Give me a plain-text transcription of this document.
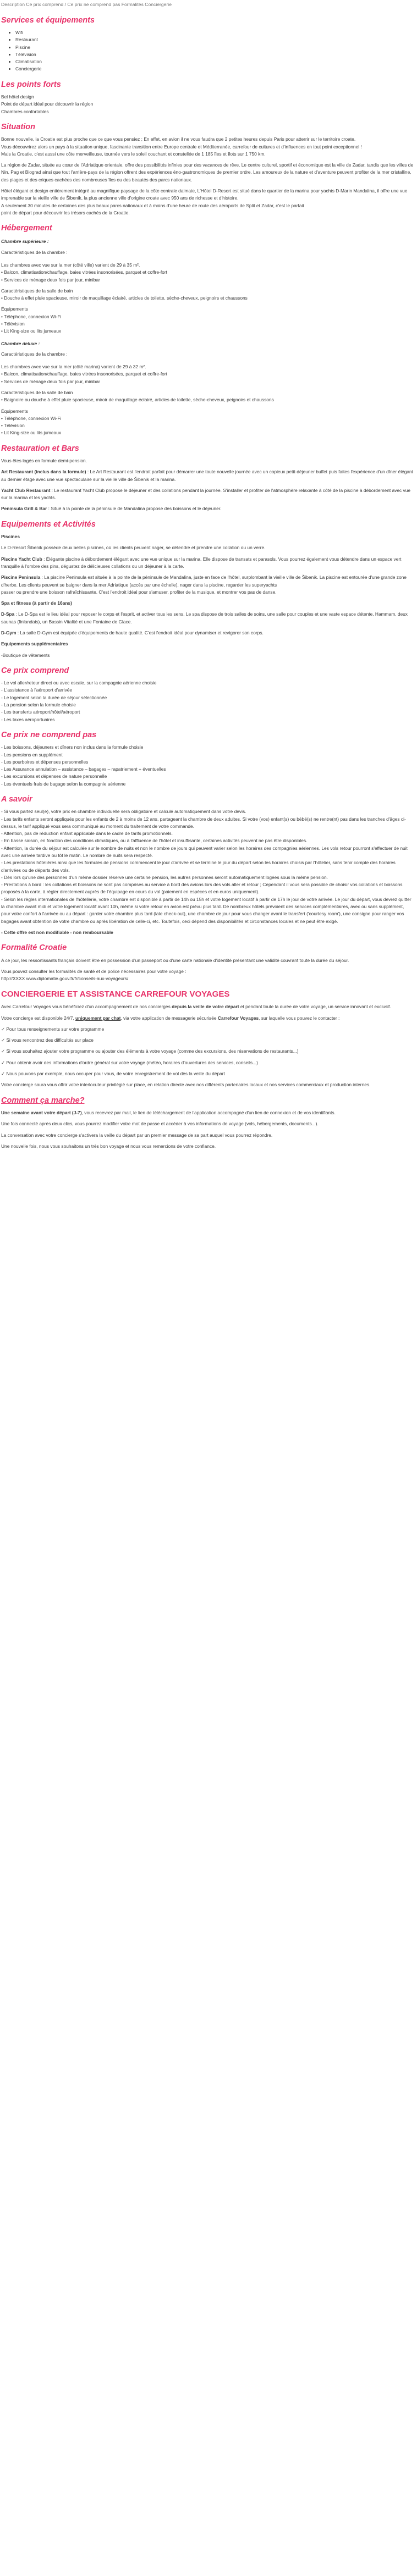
Description Ce prix comprend / Ce prix ne comprend pas Formalités Conciergerie
Services et équipements
• Wifi
• Restaurant
• Piscine
• Télévision
• Climatisation
• Conciergerie
Les points forts
Bel hôtel design
Point de départ idéal pour découvrir la région
Chambres confortables
Situation
Bonne nouvelle, la Croatie est plus proche que ce que vous pensiez ; En effet, en avion il ne vous faudra que 2 petites heures depuis Paris pour atterrir sur le territoire croate.
Vous découvrirez alors un pays à la situation unique, fascinante transition entre Europe centrale et Méditerranée, carrefour de cultures et d'influences en tout point exceptionnel !
Mais la Croatie, c'est aussi une côte merveilleuse, tournée vers le soleil couchant et constellée de 1 185 îles et îlots sur 1 750 km.

La région de Zadar, située au cœur de l'Adriatique orientale, offre des possibilités infinies pour des vacances de rêve. Le centre culturel, sportif et économique est la ville de Zadar, tandis que les villes de Nin, Pag et Biograd ainsi que tout l'arrière-pays de la région offrent des expériences éno-gastronomiques de premier ordre. Les amoureux de la nature et d'aventure peuvent profiter de la mer cristalline, des plages et des criques cachées des nombreuses îles ou des beautés des parcs nationaux.

Hôtel élégant et design entièrement intégré au magnifique paysage de la côte centrale dalmate, L'Hôtel D-Resort est situé dans le quartier de la marina pour yachts D-Marin Mandalina, il offre une vue imprenable sur la vieille ville de Šibenik, la plus ancienne ville d'origine croate avec 950 ans de richesse et d'histoire.
A seulement 30 minutes de certaines des plus beaux parcs nationaux et à moins d'une heure de route des aéroports de Split et Zadar, c'est le parfait
point de départ pour découvrir les trésors cachés de la Croatie.
Hébergement
Chambre supérieure :
Caractéristiques de la chambre :
Les chambres avec vue sur la mer (côté ville) varient de 29 à 35 m².
• Balcon, climatisation/chauffage, baies vitrées insonorisées, parquet et coffre-fort
• Services de ménage deux fois par jour, minibar
Caractéristiques de la salle de bain
• Douche à effet pluie spacieuse, miroir de maquillage éclairé, articles de toilette, sèche-cheveux, peignoirs et chaussons
Équipements
• Téléphone, connexion Wi-Fi
• Télévision
• Lit King-size ou lits jumeaux
Chambre deluxe :
Caractéristiques de la chambre :
Les chambres avec vue sur la mer (côté marina) varient de 29 à 32 m².
• Balcon, climatisation/chauffage, baies vitrées insonorisées, parquet et coffre-fort
• Services de ménage deux fois par jour, minibar
Caractéristiques de la salle de bain
• Baignoire ou douche à effet pluie spacieuse, miroir de maquillage éclairé, articles de toilette, sèche-cheveux, peignoirs et chaussons
Équipements
• Téléphone, connexion Wi-Fi
• Télévision
• Lit King-size ou lits jumeaux
Restauration et Bars

Vous êtes logés en formule demi-pension.

Art Restaurant (inclus dans la formule) : Le Art Restaurant est l'endroit parfait pour démarrer une toute nouvelle journée avec un copieux petit-déjeuner buffet puis faites l'expérience d'un dîner élégant au dernier étage avec une vue spectaculaire sur la vieille ville de Šibenik et la marina.

Yacht Club Restaurant : Le restaurant Yacht Club propose le déjeuner et des collations pendant la journée. S'installer et profiter de l'atmosphère relaxante à côté de la piscine à débordement avec vue sur la marina et les yachts.

Peninsula Grill & Bar : Situé à la pointe de la péninsule de Mandalina propose des boissons et le déjeuner.

Equipements et Activités

Piscines

Le D-Resort Šibenik possède deux belles piscines, où les clients peuvent nager, se détendre et prendre une collation ou un verre.

Piscine Yacht Club : Élégante piscine à débordement élégant avec une vue unique sur la marina. Elle dispose de transats et parasols. Vous pourrez également vous détendre dans un espace vert tranquille à l'ombre des pins, dégustez de délicieuses collations ou un déjeuner à la carte.

Piscine Peninsula : La piscine Peninsula est située à la pointe de la péninsule de Mandalina, juste en face de l'hôtel, surplombant la vieille ville de Šibenik. La piscine est entourée d'une grande zone d'herbe. Les clients peuvent se baigner dans la mer Adriatique (accès par une échelle), nager dans la piscine, regarder les superyachts
passer ou prendre une boisson rafraîchissante. C'est l'endroit idéal pour s'amuser, profiter de la musique, et montrer vos pas de danse.

Spa et fitness (à partir de 16ans)

D-Spa : Le D-Spa est le lieu idéal pour reposer le corps et l'esprit, et activer tous les sens. Le spa dispose de trois salles de soins, une salle pour couples et une vaste espace détente, Hammam, deux saunas (finlandais), un Bassin Vitalité et une Fontaine de Glace.

D-Gym : La salle D-Gym est équipée d'équipements de haute qualité. C'est l'endroit idéal pour dynamiser et revigorer son corps.

Equipements supplémentaires

-Boutique de vêtements

Ce prix comprend
- Le vol aller/retour direct ou avec escale, sur la compagnie aérienne choisie
- L'assistance à l'aéroport d'arrivée
- Le logement selon la durée de séjour sélectionnée
- La pension selon la formule choisie
- Les transferts aéroport/hôtel/aéroport
- Les taxes aéroportuaires
Ce prix ne comprend pas
- Les boissons, déjeuners et dîners non inclus dans la formule choisie
- Les pensions en supplément
- Les pourboires et dépenses personnelles
- Les Assurance annulation – assistance – bagages – rapatriement + éventuelles
- Les excursions et dépenses de nature personnelle
- Les éventuels frais de bagage selon la compagnie aérienne
A savoir
- Si vous partez seul(e), votre prix en chambre individuelle sera obligatoire et calculé automatiquement dans votre devis.
- Les tarifs enfants seront appliqués pour les enfants de 2 à moins de 12 ans, partageant la chambre de deux adultes. Si votre (vos) enfant(s) ou bébé(s) ne rentre(nt) pas dans les tranches d'âges ci-dessus, le tarif appliqué vous sera communiqué au moment du traitement de votre commande.
- Attention, pas de réduction enfant applicable dans le cadre de tarifs promotionnels.
- En basse saison, en fonction des conditions climatiques, ou à l'affluence de l'hôtel et insuffisante, certaines activités peuvent ne pas être disponibles.
- Attention, la durée du séjour est calculée sur le nombre de nuits et non le nombre de jours qui peuvent varier selon les horaires des compagnies aériennes. Les vols retour pourront s'effectuer de nuit avec une arrivée tardive ou tôt le matin. Le nombre de nuits sera respecté.
- Les prestations hôtelières ainsi que les formules de pensions commencent le jour d'arrivée et se termine le jour du départ selon les horaires choisis par l'hôtelier, sans tenir compte des horaires d'arrivées ou de départs des vols.
- Dès lors qu'une des personnes d'un même dossier réserve une certaine pension, les autres personnes seront automatiquement logées sous la même pension.
- Prestations à bord : les collations et boissons ne sont pas comprises au service à bord des avions lors des vols aller et retour ; Cependant il vous sera possible de choisir vos collations et boissons proposés à la carte, à régler directement auprès de l'équipage en cours du vol (paiement en espèces et en euros uniquement).
- Selon les règles internationales de l'hôtellerie, votre chambre est disponible à partir de 14h ou 15h et votre logement locatif à partir de 17h le jour de votre arrivée. Le jour du départ, vous devrez quitter la chambre avant midi et votre logement locatif avant 10h, même si votre retour en avion est prévu plus tard. De nombreux hôtels prévoient des services complémentaires, avec ou sans supplément, pour votre confort à l'arrivée ou au départ : garder votre chambre plus tard (late check-out), une chambre de jour pour vous changer avant le transfert ('courtesy room'), une consigne pour ranger vos bagages avant obtention de votre chambre ou après libération de celle-ci, etc. Toutefois, ceci dépend des disponibilités et circonstances locales et ne peut être exigé.

- Cette offre est non modifiable - non remboursable

Formalité Croatie

A ce jour, les ressortissants français doivent être en possession d'un passeport ou d'une carte nationale d'identité présentant une validité couvrant toute la durée du séjour.

Vous pouvez consulter les formalités de santé et de police nécessaires pour votre voyage :
http://XXXX www.diplomatie.gouv.fr/fr/conseils-aux-voyageurs/
CONCIERGERIE ET ASSISTANCE CARREFOUR VOYAGES

Avec Carrefour Voyages vous bénéficiez d'un accompagnement de nos concierges depuis la veille de votre départ et pendant toute la durée de votre voyage, un service innovant et exclusif.

Votre concierge est disponible 24/7, uniquement par chat, via votre application de messagerie sécurisée Carrefour Voyages, sur laquelle vous pouvez le contacter :

✓ Pour tous renseignements sur votre programme

✓ Si vous rencontrez des difficultés sur place

✓ Si vous souhaitez ajouter votre programme ou ajouter des éléments à votre voyage (comme des excursions, des réservations de restaurants...)

✓ Pour obtenir avoir des informations d'ordre général sur votre voyage (météo, horaires d'ouvertures des services, conseils...)

✓ Nous pouvons par exemple, nous occuper pour vous, de votre enregistrement de vol dès la veille du départ

Votre concierge saura vous offrir votre interlocuteur privilégié sur place, en relation directe avec nos différents partenaires locaux et nos services commerciaux et production internes.

Comment ça marche?

Une semaine avant votre départ (J-7), vous recevrez par mail, le lien de téléchargement de l'application accompagné d'un lien de connexion et de vos identifiants.

Une fois connecté après deux clics, vous pourrez modifier votre mot de passe et accéder à vos informations de voyage (vols, hébergements, documents...).

La conversation avec votre concierge s'activera la veille du départ par un premier message de sa part auquel vous pourrez répondre.

Une nouvelle fois, nous vous souhaitons un très bon voyage et nous vous remercions de votre confiance.
